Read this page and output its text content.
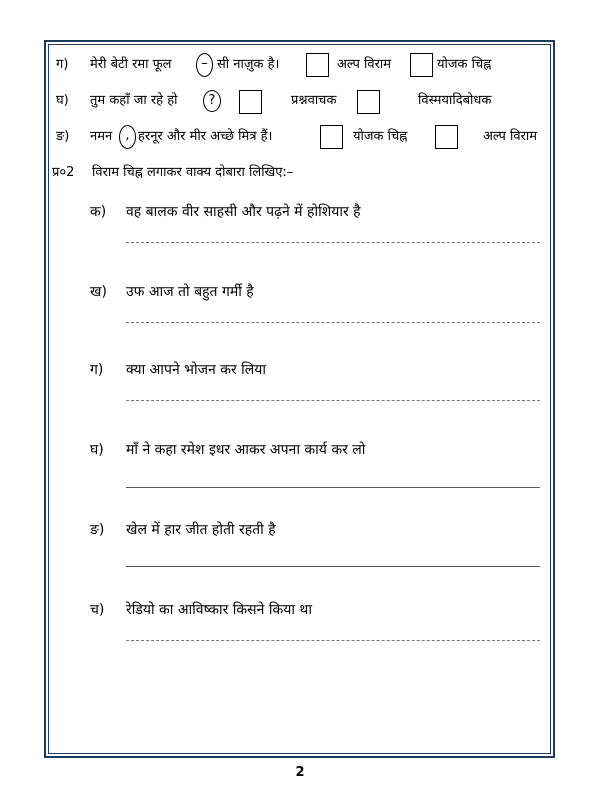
ग) मेरी बेटी रमा फूल	– सी नाज़ुक है।	अल्प विराम	योजक चिह्न
घ) तुम कहाँ जा रहे हो	?	प्रश्नवाचक	विस्मयादिबोधक
ङ) नमन	, हरनूर और मीर अच्छे मित्र हैं।	योजक चिह्न	अल्प विराम
प्र०2 विराम चिह्न लगाकर वाक्य दोबारा लिखिए:–
क) वह बालक वीर साहसी और पढ़ने में होशियार है
ख) उफ आज तो बहुत गर्मी है
ग) क्या आपने भोजन कर लिया
घ) माँ ने कहा रमेश इधर आकर अपना कार्य कर लो
ङ) खेल में हार जीत होती रहती है
च) रेडियो का आविष्कार किसने किया था
2
